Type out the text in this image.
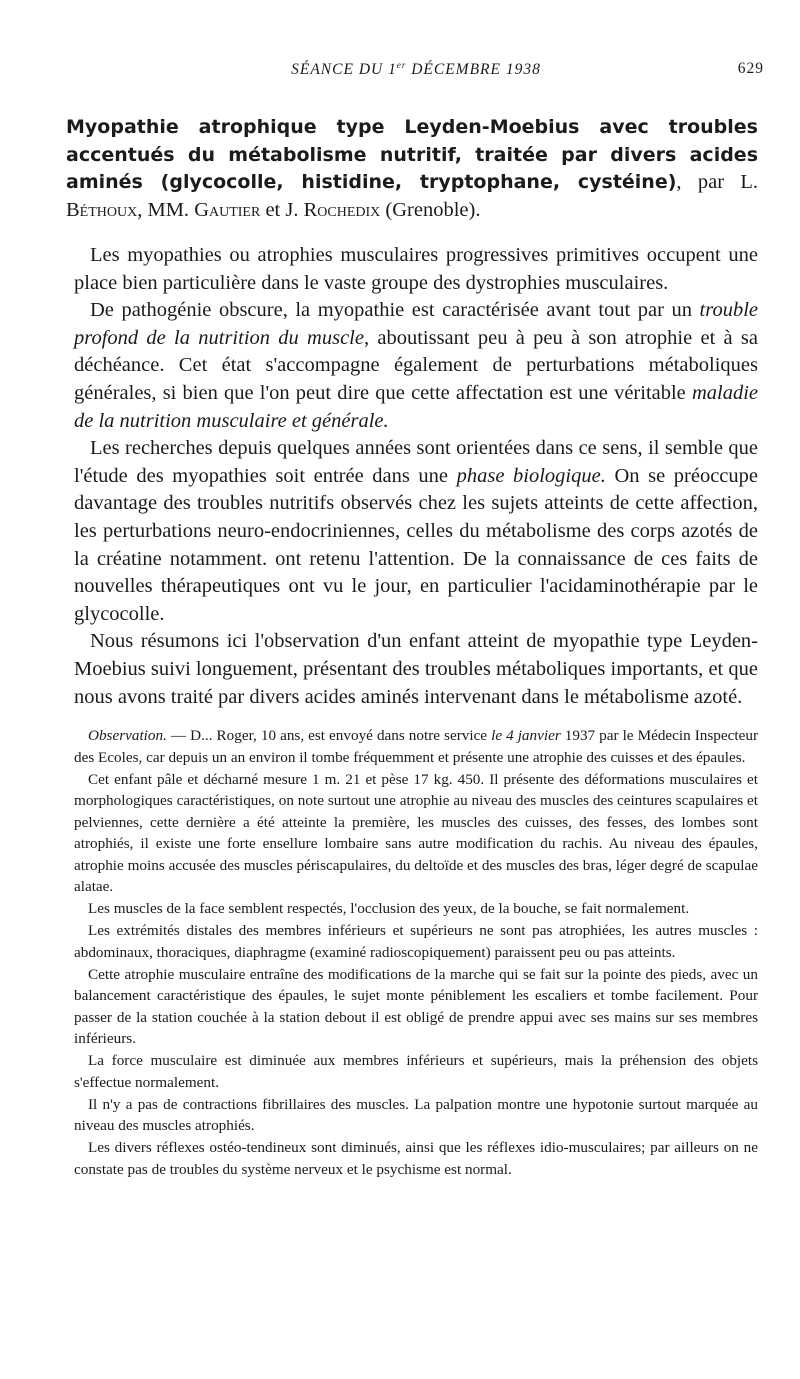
SÉANCE DU 1er DÉCEMBRE 1938	629
Myopathie atrophique type Leyden-Moebius avec troubles accentués du métabolisme nutritif, traitée par divers acides aminés (glycocolle, histidine, tryptophane, cystéine), par L. Béthoux, MM. Gautier et J. Rochedix (Grenoble).

Les myopathies ou atrophies musculaires progressives primitives occupent une place bien particulière dans le vaste groupe des dystrophies musculaires.

De pathogénie obscure, la myopathie est caractérisée avant tout par un trouble profond de la nutrition du muscle, aboutissant peu à peu à son atrophie et à sa déchéance. Cet état s'accompagne également de perturbations métaboliques générales, si bien que l'on peut dire que cette affectation est une véritable maladie de la nutrition musculaire et générale.

Les recherches depuis quelques années sont orientées dans ce sens, il semble que l'étude des myopathies soit entrée dans une phase biologique. On se préoccupe davantage des troubles nutritifs observés chez les sujets atteints de cette affection, les perturbations neuro-endocriniennes, celles du métabolisme des corps azotés de la créatine notamment. ont retenu l'attention. De la connaissance de ces faits de nouvelles thérapeutiques ont vu le jour, en particulier l'acidaminothérapie par le glycocolle.

Nous résumons ici l'observation d'un enfant atteint de myopathie type Leyden-Moebius suivi longuement, présentant des troubles métaboliques importants, et que nous avons traité par divers acides aminés intervenant dans le métabolisme azoté.

Observation. — D... Roger, 10 ans, est envoyé dans notre service le 4 janvier 1937 par le Médecin Inspecteur des Ecoles, car depuis un an environ il tombe fréquemment et présente une atrophie des cuisses et des épaules.

Cet enfant pâle et décharné mesure 1 m. 21 et pèse 17 kg. 450. Il présente des déformations musculaires et morphologiques caractéristiques, on note surtout une atrophie au niveau des muscles des ceintures scapulaires et pelviennes, cette dernière a été atteinte la première, les muscles des cuisses, des fesses, des lombes sont atrophiés, il existe une forte ensellure lombaire sans autre modification du rachis. Au niveau des épaules, atrophie moins accusée des muscles périscapulaires, du deltoïde et des muscles des bras, léger degré de scapulae alatae.

Les muscles de la face semblent respectés, l'occlusion des yeux, de la bouche, se fait normalement.

Les extrémités distales des membres inférieurs et supérieurs ne sont pas atrophiées, les autres muscles : abdominaux, thoraciques, diaphragme (examiné radioscopiquement) paraissent peu ou pas atteints.

Cette atrophie musculaire entraîne des modifications de la marche qui se fait sur la pointe des pieds, avec un balancement caractéristique des épaules, le sujet monte péniblement les escaliers et tombe facilement. Pour passer de la station couchée à la station debout il est obligé de prendre appui avec ses mains sur ses membres inférieurs.

La force musculaire est diminuée aux membres inférieurs et supérieurs, mais la préhension des objets s'effectue normalement.

Il n'y a pas de contractions fibrillaires des muscles. La palpation montre une hypotonie surtout marquée au niveau des muscles atrophiés.

Les divers réflexes ostéo-tendineux sont diminués, ainsi que les réflexes idio-musculaires; par ailleurs on ne constate pas de troubles du système nerveux et le psychisme est normal.
